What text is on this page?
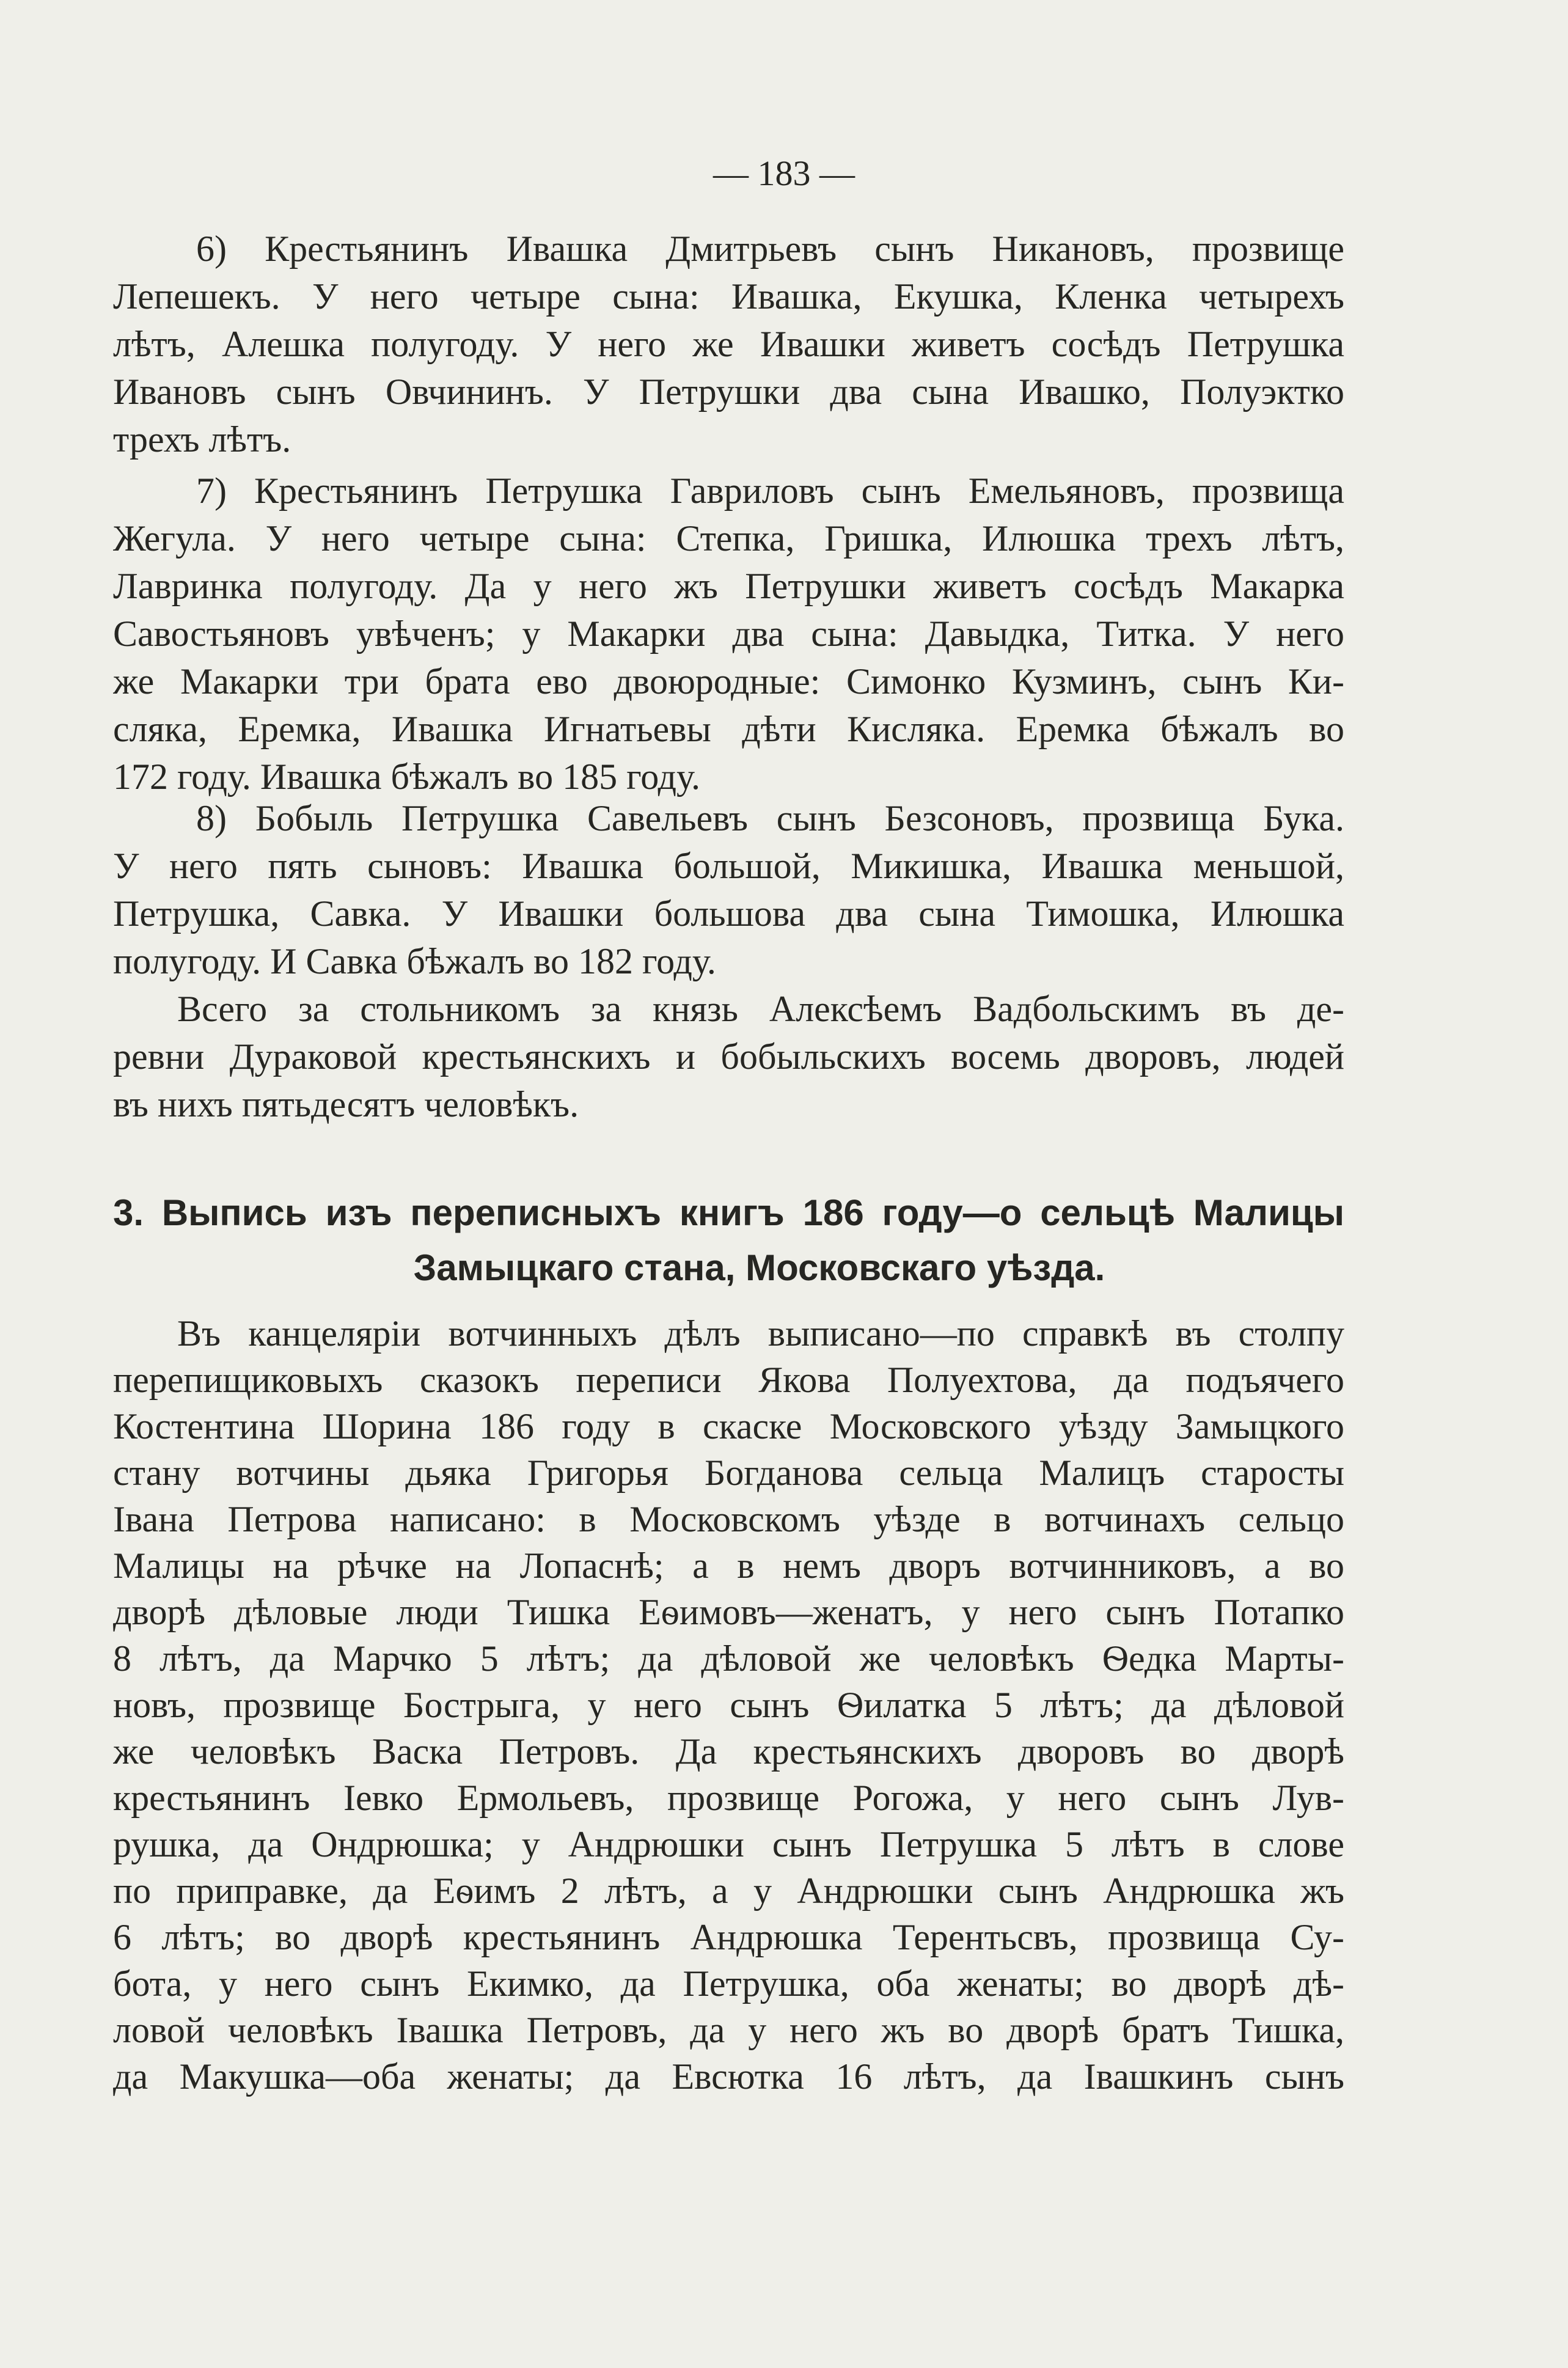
— 183 —
6) Крестьянинъ Ивашка Дмитрьевъ сынъ Никановъ, прозвище
Лепешекъ. У него четыре сына: Ивашка, Екушка, Кленка четырехъ
лѣтъ, Алешка полугоду. У него же Ивашки живетъ сосѣдъ Петрушка
Ивановъ сынъ Овчининъ. У Петрушки два сына Ивашко, Полуэктко
трехъ лѣтъ.
7) Крестьянинъ Петрушка Гавриловъ сынъ Емельяновъ, прозвища
Жегула. У него четыре сына: Степка, Гришка, Илюшка трехъ лѣтъ,
Лавринка полугоду. Да у него жъ Петрушки живетъ сосѣдъ Макарка
Савостьяновъ увѣченъ; у Макарки два сына: Давыдка, Титка. У него
же Макарки три брата ево двоюродные: Симонко Кузминъ, сынъ Ки-
сляка, Еремка, Ивашка Игнатьевы дѣти Кисляка. Еремка бѣжалъ во
172 году. Ивашка бѣжалъ во 185 году.
8) Бобыль Петрушка Савельевъ сынъ Безсоновъ, прозвища Бука.
У него пять сыновъ: Ивашка большой, Микишка, Ивашка меньшой,
Петрушка, Савка. У Ивашки большова два сына Тимошка, Илюшка
полугоду. И Савка бѣжалъ во 182 году.
Всего за стольникомъ за князь Алексѣемъ Вадбольскимъ въ де-
ревни Дураковой крестьянскихъ и бобыльскихъ восемь дворовъ, людей
въ нихъ пятьдесятъ человѣкъ.
3. Выпись изъ переписныхъ книгъ 186 году—о сельцѣ Малицы
Замыцкаго стана, Московскаго уѣзда.
Въ канцеляріи вотчинныхъ дѣлъ выписано—по справкѣ въ столпу
перепищиковыхъ сказокъ переписи Якова Полуехтова, да подъячего
Костентина Шорина 186 году в скаске Московского уѣзду Замыцкого
стану вотчины дьяка Григорья Богданова сельца Малицъ старосты
Івана Петрова написано: в Московскомъ уѣзде в вотчинахъ сельцо
Малицы на рѣчке на Лопаснѣ; а в немъ дворъ вотчинниковъ, а во
дворѣ дѣловые люди Тишка Еѳимовъ—женатъ, у него сынъ Потапко
8 лѣтъ, да Марчко 5 лѣтъ; да дѣловой же человѣкъ Ѳедка Марты-
новъ, прозвище Бострыга, у него сынъ Ѳилатка 5 лѣтъ; да дѣловой
же человѣкъ Васка Петровъ. Да крестьянскихъ дворовъ во дворѣ
крестьянинъ Іевко Ермольевъ, прозвище Рогожа, у него сынъ Лув-
рушка, да Ондрюшка; у Андрюшки сынъ Петрушка 5 лѣтъ в слове
по приправке, да Еѳимъ 2 лѣтъ, а у Андрюшки сынъ Андрюшка жъ
6 лѣтъ; во дворѣ крестьянинъ Андрюшка Терентьсвъ, прозвища Су-
бота, у него сынъ Екимко, да Петрушка, оба женаты; во дворѣ дѣ-
ловой человѣкъ Івашка Петровъ, да у него жъ во дворѣ братъ Тишка,
да Макушка—оба женаты; да Евсютка 16 лѣтъ, да Івашкинъ сынъ
